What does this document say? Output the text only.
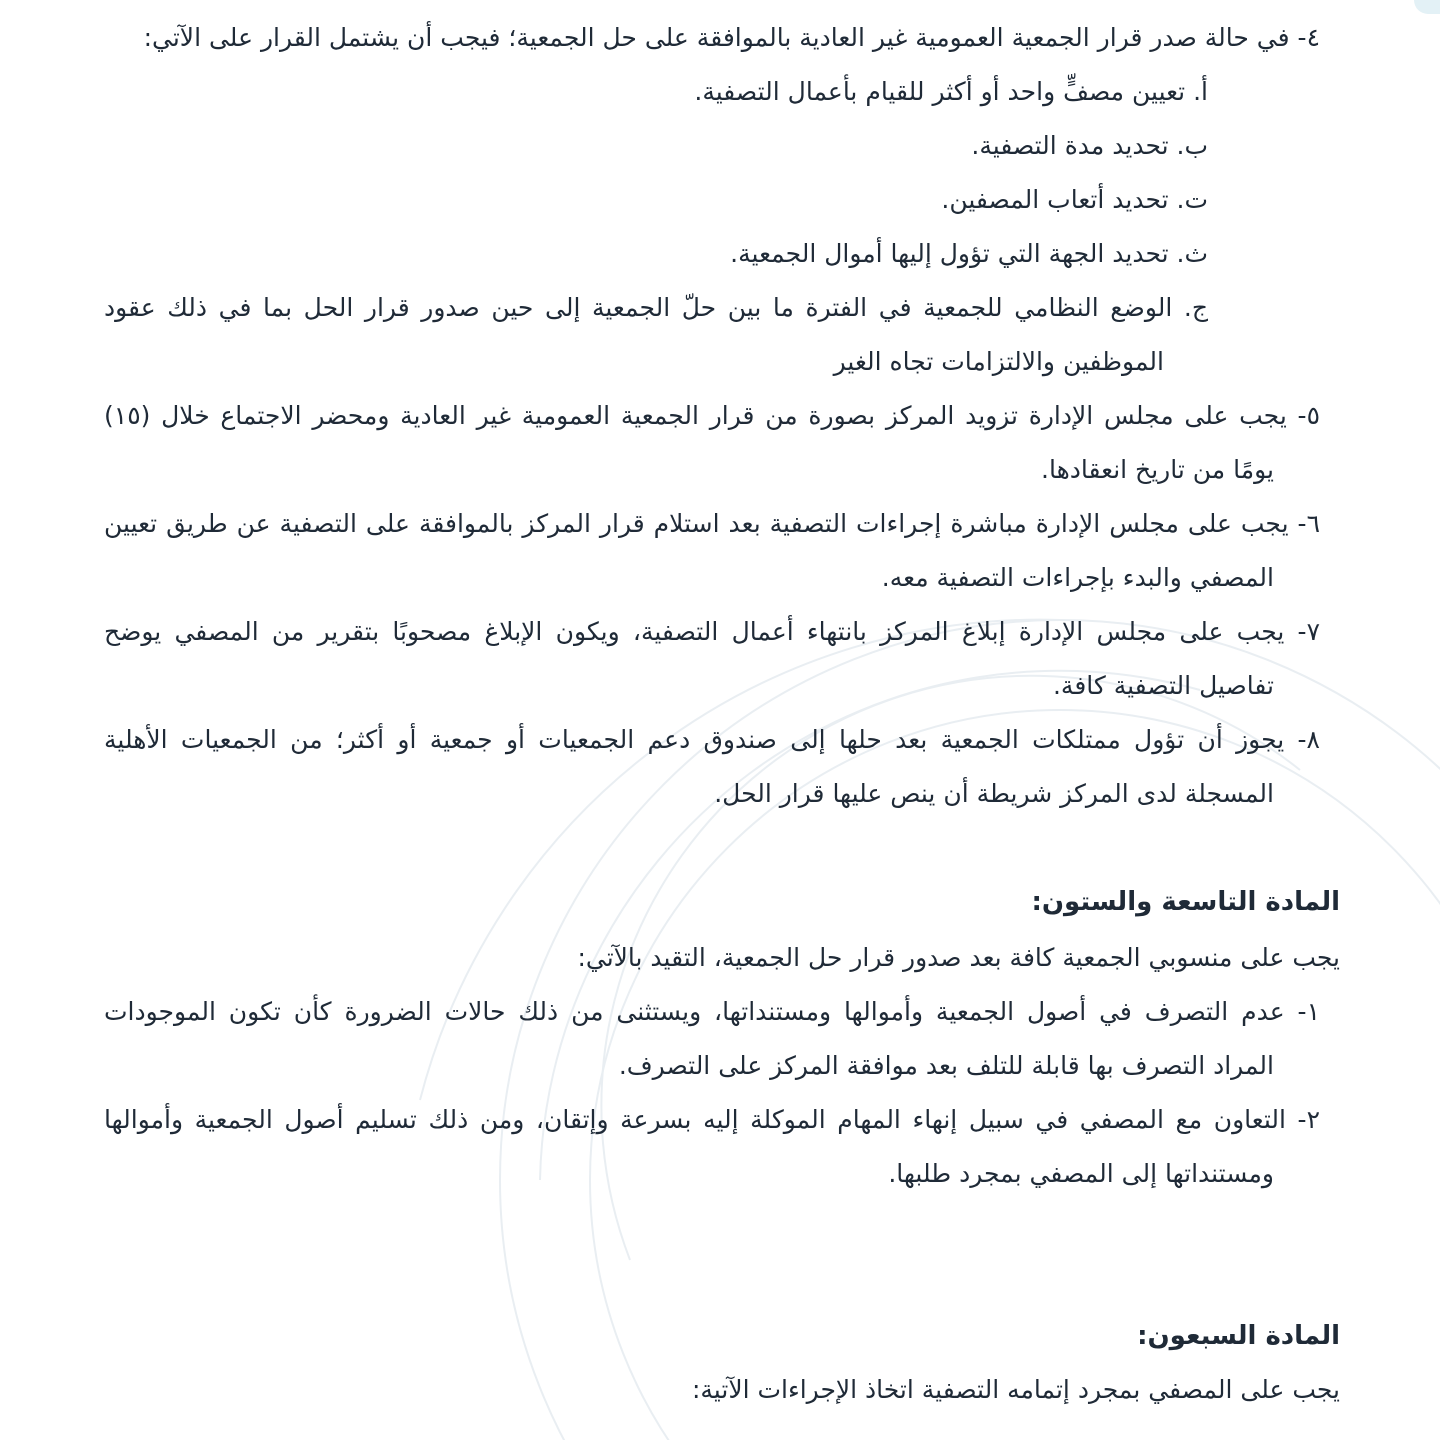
٤- في حالة صدر قرار الجمعية العمومية غير العادية بالموافقة على حل الجمعية؛ فيجب أن يشتمل القرار على الآتي:
أ. تعيين مصفٍّ واحد أو أكثر للقيام بأعمال التصفية.
ب. تحديد مدة التصفية.
ت. تحديد أتعاب المصفين.
ث. تحديد الجهة التي تؤول إليها أموال الجمعية.
ج. الوضع النظامي للجمعية في الفترة ما بين حلّ الجمعية إلى حين صدور قرار الحل بما في ذلك عقود
الموظفين والالتزامات تجاه الغير
٥- يجب على مجلس الإدارة تزويد المركز بصورة من قرار الجمعية العمومية غير العادية ومحضر الاجتماع خلال (١٥)
يومًا من تاريخ انعقادها.
٦- يجب على مجلس الإدارة مباشرة إجراءات التصفية بعد استلام قرار المركز بالموافقة على التصفية عن طريق تعيين
المصفي والبدء بإجراءات التصفية معه.
٧- يجب على مجلس الإدارة إبلاغ المركز بانتهاء أعمال التصفية، ويكون الإبلاغ مصحوبًا بتقرير من المصفي يوضح
تفاصيل التصفية كافة.
٨- يجوز أن تؤول ممتلكات الجمعية بعد حلها إلى صندوق دعم الجمعيات أو جمعية أو أكثر؛ من الجمعيات الأهلية
المسجلة لدى المركز شريطة أن ينص عليها قرار الحل.
المادة التاسعة والستون:
يجب على منسوبي الجمعية كافة بعد صدور قرار حل الجمعية، التقيد بالآتي:
١- عدم التصرف في أصول الجمعية وأموالها ومستنداتها، ويستثنى من ذلك حالات الضرورة كأن تكون الموجودات
المراد التصرف بها قابلة للتلف بعد موافقة المركز على التصرف.
٢- التعاون مع المصفي في سبيل إنهاء المهام الموكلة إليه بسرعة وإتقان، ومن ذلك تسليم أصول الجمعية وأموالها
ومستنداتها إلى المصفي بمجرد طلبها.
المادة السبعون:
يجب على المصفي بمجرد إتمامه التصفية اتخاذ الإجراءات الآتية:
